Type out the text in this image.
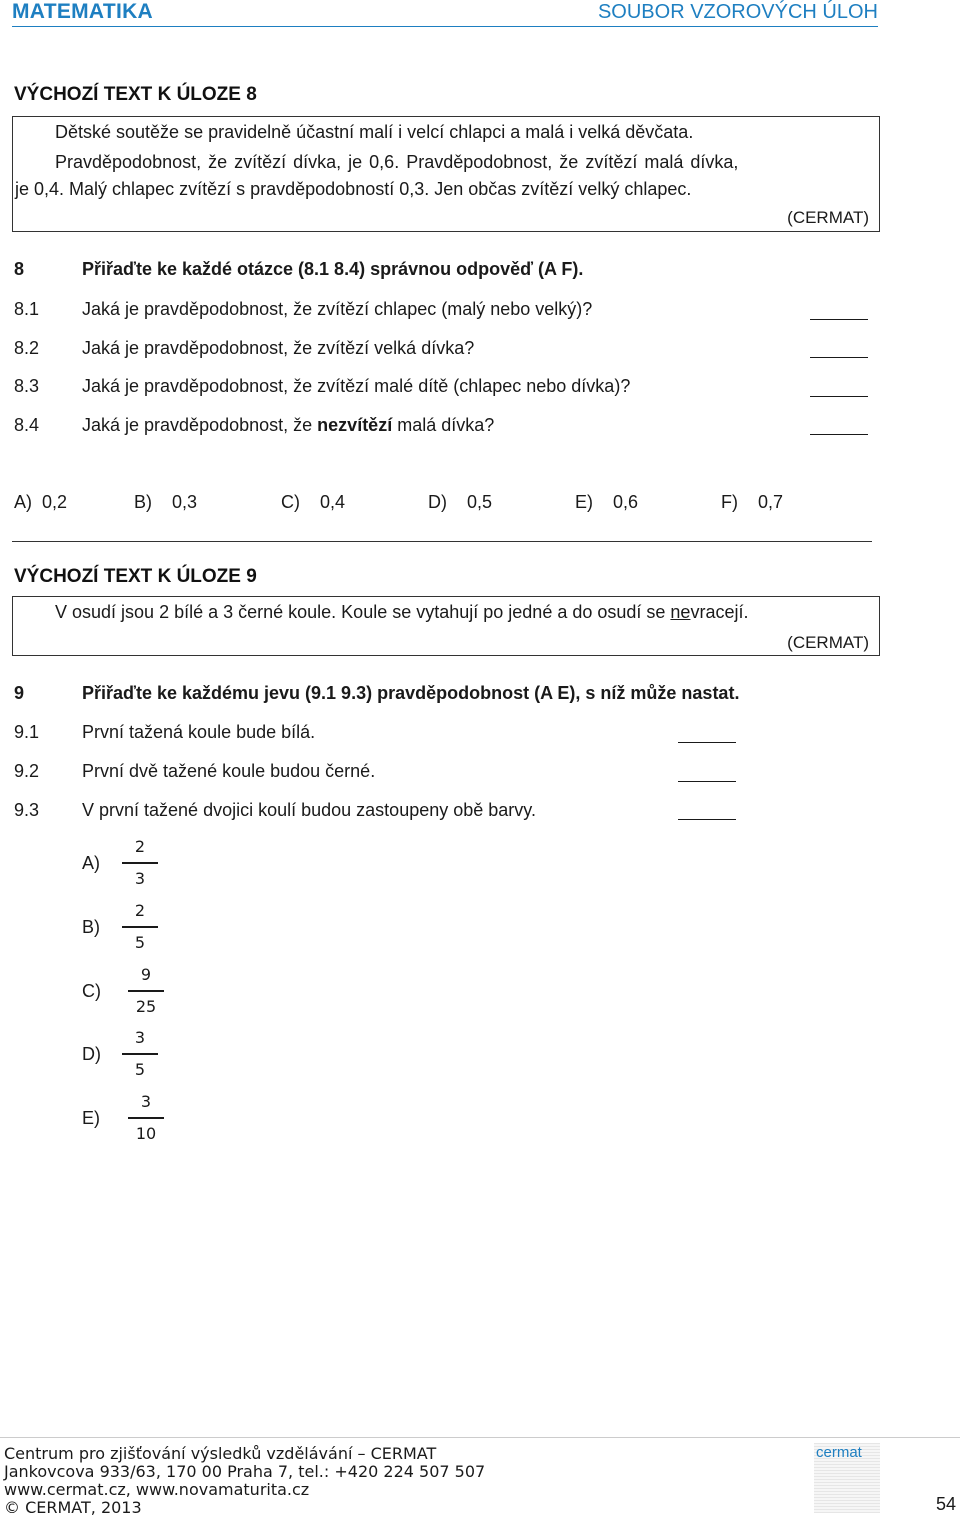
MATEMATIKA	SOUBOR VZOROVÝCH ÚLOH
VÝCHOZÍ TEXT K ÚLOZE 8
Dětské soutěže se pravidelně účastní malí i velcí chlapci a malá i velká děvčata.
Pravděpodobnost, že zvítězí dívka, je 0,6. Pravděpodobnost, že zvítězí malá dívka,
je 0,4. Malý chlapec zvítězí s pravděpodobností 0,3. Jen občas zvítězí velký chlapec.
(CERMAT)
8	Přiřaďte ke každé otázce (8.1 8.4) správnou odpověď (A F).
8.1 Jaká je pravděpodobnost, že zvítězí chlapec (malý nebo velký)?
8.2 Jaká je pravděpodobnost, že zvítězí velká dívka?
8.3 Jaká je pravděpodobnost, že zvítězí malé dítě (chlapec nebo dívka)?
8.4 Jaká je pravděpodobnost, že nezvítězí malá dívka?
A) 0,2	B) 0,3	C) 0,4	D) 0,5	E) 0,6	F) 0,7
VÝCHOZÍ TEXT K ÚLOZE 9
V osudí jsou 2 bílé a 3 černé koule. Koule se vytahují po jedné a do osudí se nevracejí.
(CERMAT)
9	Přiřaďte ke každému jevu (9.1 9.3) pravděpodobnost (A E), s níž může nastat.
9.1 První tažená koule bude bílá.
9.2 První dvě tažené koule budou černé.
9.3 V první tažené dvojici koulí budou zastoupeny obě barvy.
A)
2
3
B)
2
5
C)
9
25
D)
3
5
E)
3
10
Centrum pro zjišťování výsledků vzdělávání – CERMAT
Jankovcova 933/63, 170 00 Praha 7, tel.: +420 224 507 507
www.cermat.cz, www.novamaturita.cz
© CERMAT, 2013
cermat
54
